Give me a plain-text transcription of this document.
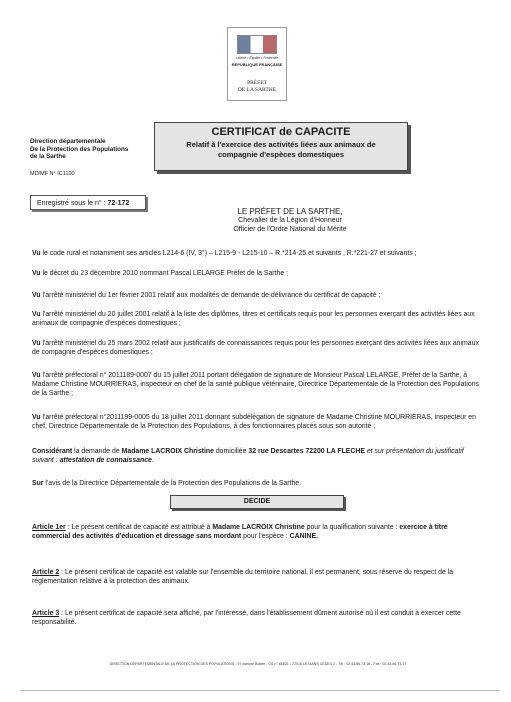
Liberté • Égalité • Fraternité
RÉPUBLIQUE FRANÇAISE
PRÉFET
DE LA SARTHE
Direction départementale
De la Protection des Populations
de la Sarthe
MD/MF N° IC1100
CERTIFICAT de CAPACITE
Relatif à l'exercice des activités liées aux animaux de
compagnie d'espèces domestiques
Enregistré sous le n° : 72-172
LE PRÉFET DE LA SARTHE,
Chevalier de la Légion d'Honneur
Officier de l'Ordre National du Mérite
Vu le code rural et notamment ses articles L214-6 (IV, 3°) – L215-9 - L215-10 – R.*214-25 et suivants , R.*221-27 et suivants ;
Vu le décret du 23 décembre 2010 nommant Pascal LELARGE Préfet de la Sarthe ;
Vu l'arrêté ministériel du 1er février 2001 relatif aux modalités de demande de délivrance du certificat de capacité ;
Vu l'arrêté ministériel du 20 juillet 2001 relatif à la liste des diplômes, titres et certificats requis pour les personnes exerçant des activités liées aux animaux de compagnie d'espèces domestiques ;
Vu l'arrêté ministériel du 25 mars 2002 relatif aux justificatifs de connaissances requis pour les personnes exerçant des activités liées aux animaux de compagnie d'espèces domestiques ;
Vu l'arrêté préfectoral n° 2011189-0007 du 15 juillet 2011 portant délégation de signature de Monsieur Pascal LELARGE, Préfet de la Sarthe, à Madame Christine MOURRIERAS, inspecteur en chef de la santé publique vétérinaire, Directrice Départementale de la Protection des Populations de la Sarthe ;
Vu l'arrêté préfectoral n°2011199-0005 du 18 juillet 2011 donnant subdélégation de signature de Madame Christine MOURRIERAS, inspecteur en chef, Directrice Départementale de la Protection des Populations, à des fonctionnaires placés sous son autorité ;
Considérant la demande de Madame LACROIX Christine domiciliée 32 rue Descartes 72200 LA FLECHE et sur présentation du justificatif suivant : attestation de connaissance.
Sur l'avis de la Directrice Départementale de la Protection des Populations de la Sarthe.
DECIDE
Article 1er : Le présent certificat de capacité est attribué à Madame LACROIX Christine pour la qualification suivante : exercice à titre commercial des activités d'éducation et dressage sans mordant pour l'espèce : CANINE.
Article 2 : Le présent certificat de capacité est valable sur l'ensemble du territoire national, il est permanent, sous réserve du respect de la réglementation relative à la protection des animaux.
Article 3 : Le présent certificat de capacité sera affiché, par l'intéressé, dans l'établissement dûment autorisé où il est conduit à exercer cette responsabilité.
DIRECTION DEPARTEMENTALE DE LA PROTECTION DES POPULATIONS - 97 avenue Bollée - CS n° 81631 - 72016 LE MANS CEDEX 2 - Tél : 02.43.86.73.16 - Fax : 02.43.86.73.17
